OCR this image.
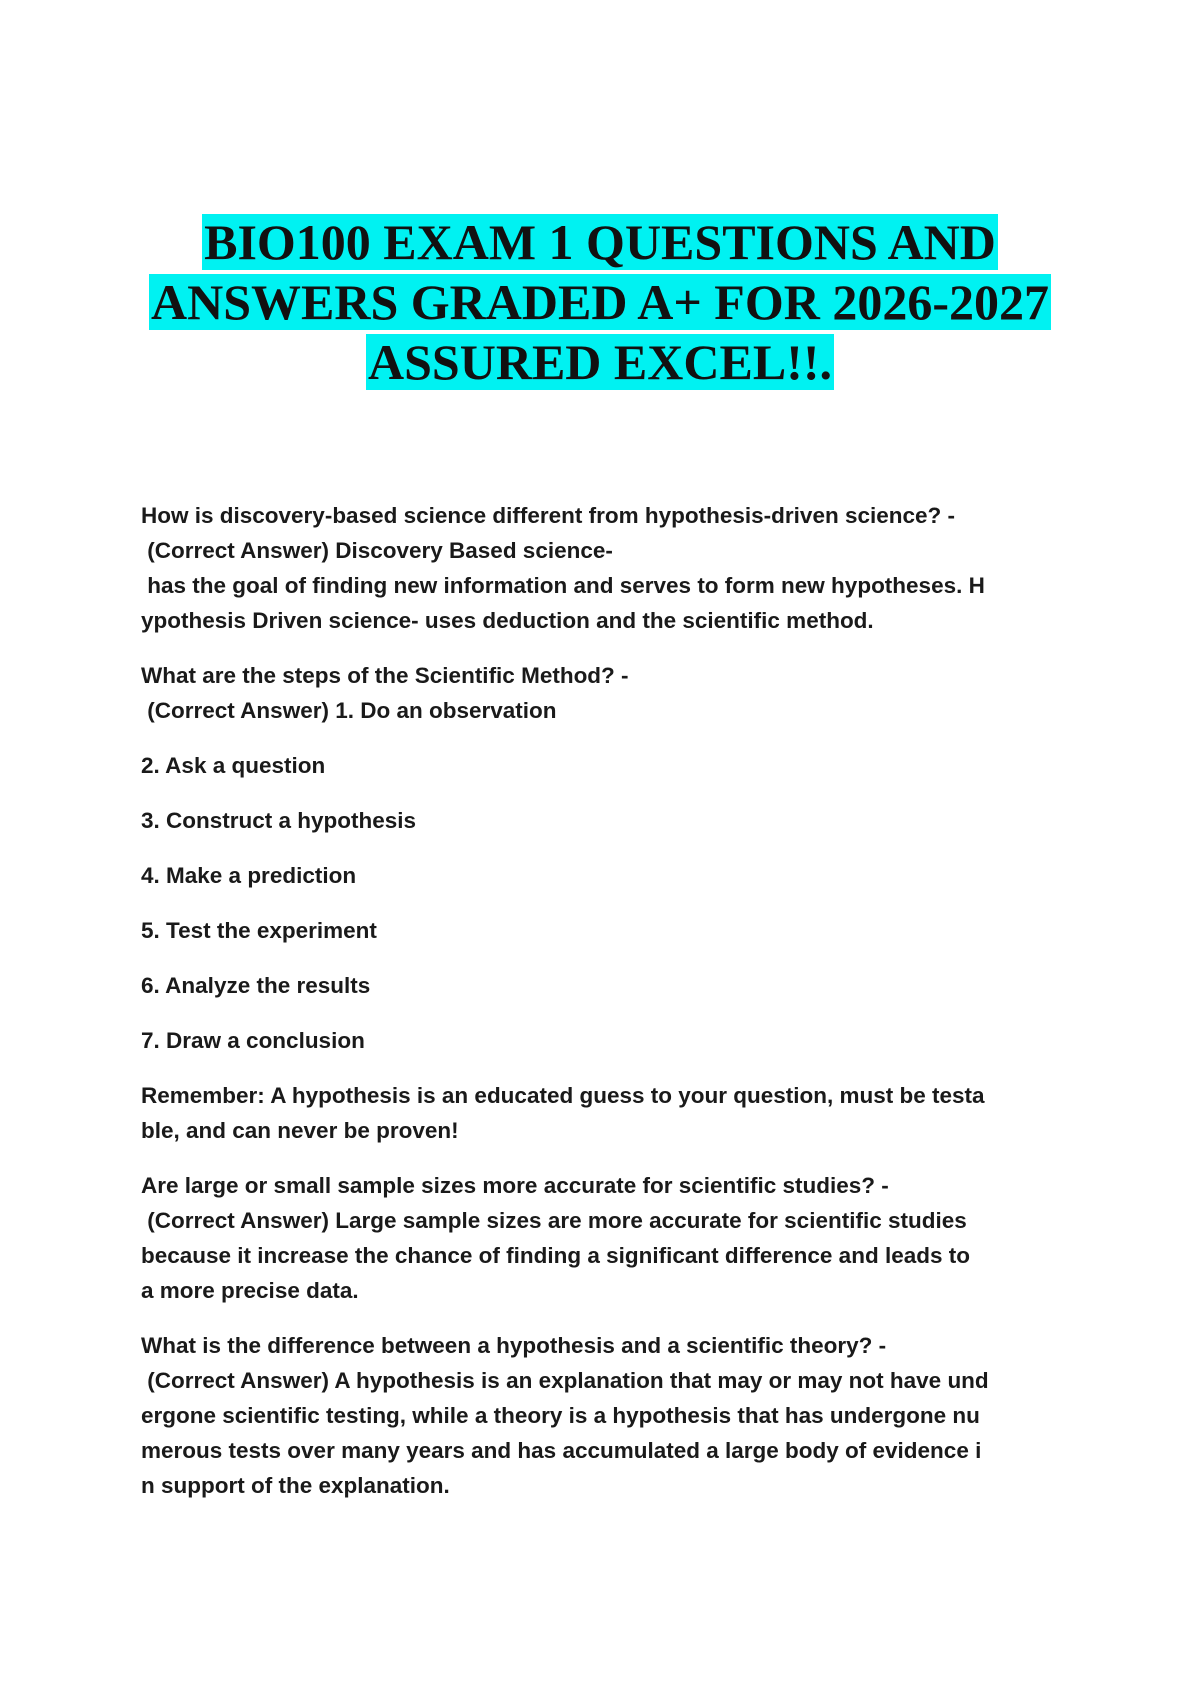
BIO100 EXAM 1 QUESTIONS AND
ANSWERS GRADED A+ FOR 2026-2027
ASSURED EXCEL!!.
How is discovery-based science different from hypothesis-driven science? -
(Correct Answer) Discovery Based science-
has the goal of finding new information and serves to form new hypotheses. H
ypothesis Driven science- uses deduction and the scientific method.
What are the steps of the Scientific Method? -
(Correct Answer) 1. Do an observation
2. Ask a question
3. Construct a hypothesis
4. Make a prediction
5. Test the experiment
6. Analyze the results
7. Draw a conclusion
Remember: A hypothesis is an educated guess to your question, must be testa
ble, and can never be proven!
Are large or small sample sizes more accurate for scientific studies? -
(Correct Answer) Large sample sizes are more accurate for scientific studies
because it increase the chance of finding a significant difference and leads to
a more precise data.
What is the difference between a hypothesis and a scientific theory? -
(Correct Answer) A hypothesis is an explanation that may or may not have und
ergone scientific testing, while a theory is a hypothesis that has undergone nu
merous tests over many years and has accumulated a large body of evidence i
n support of the explanation.
